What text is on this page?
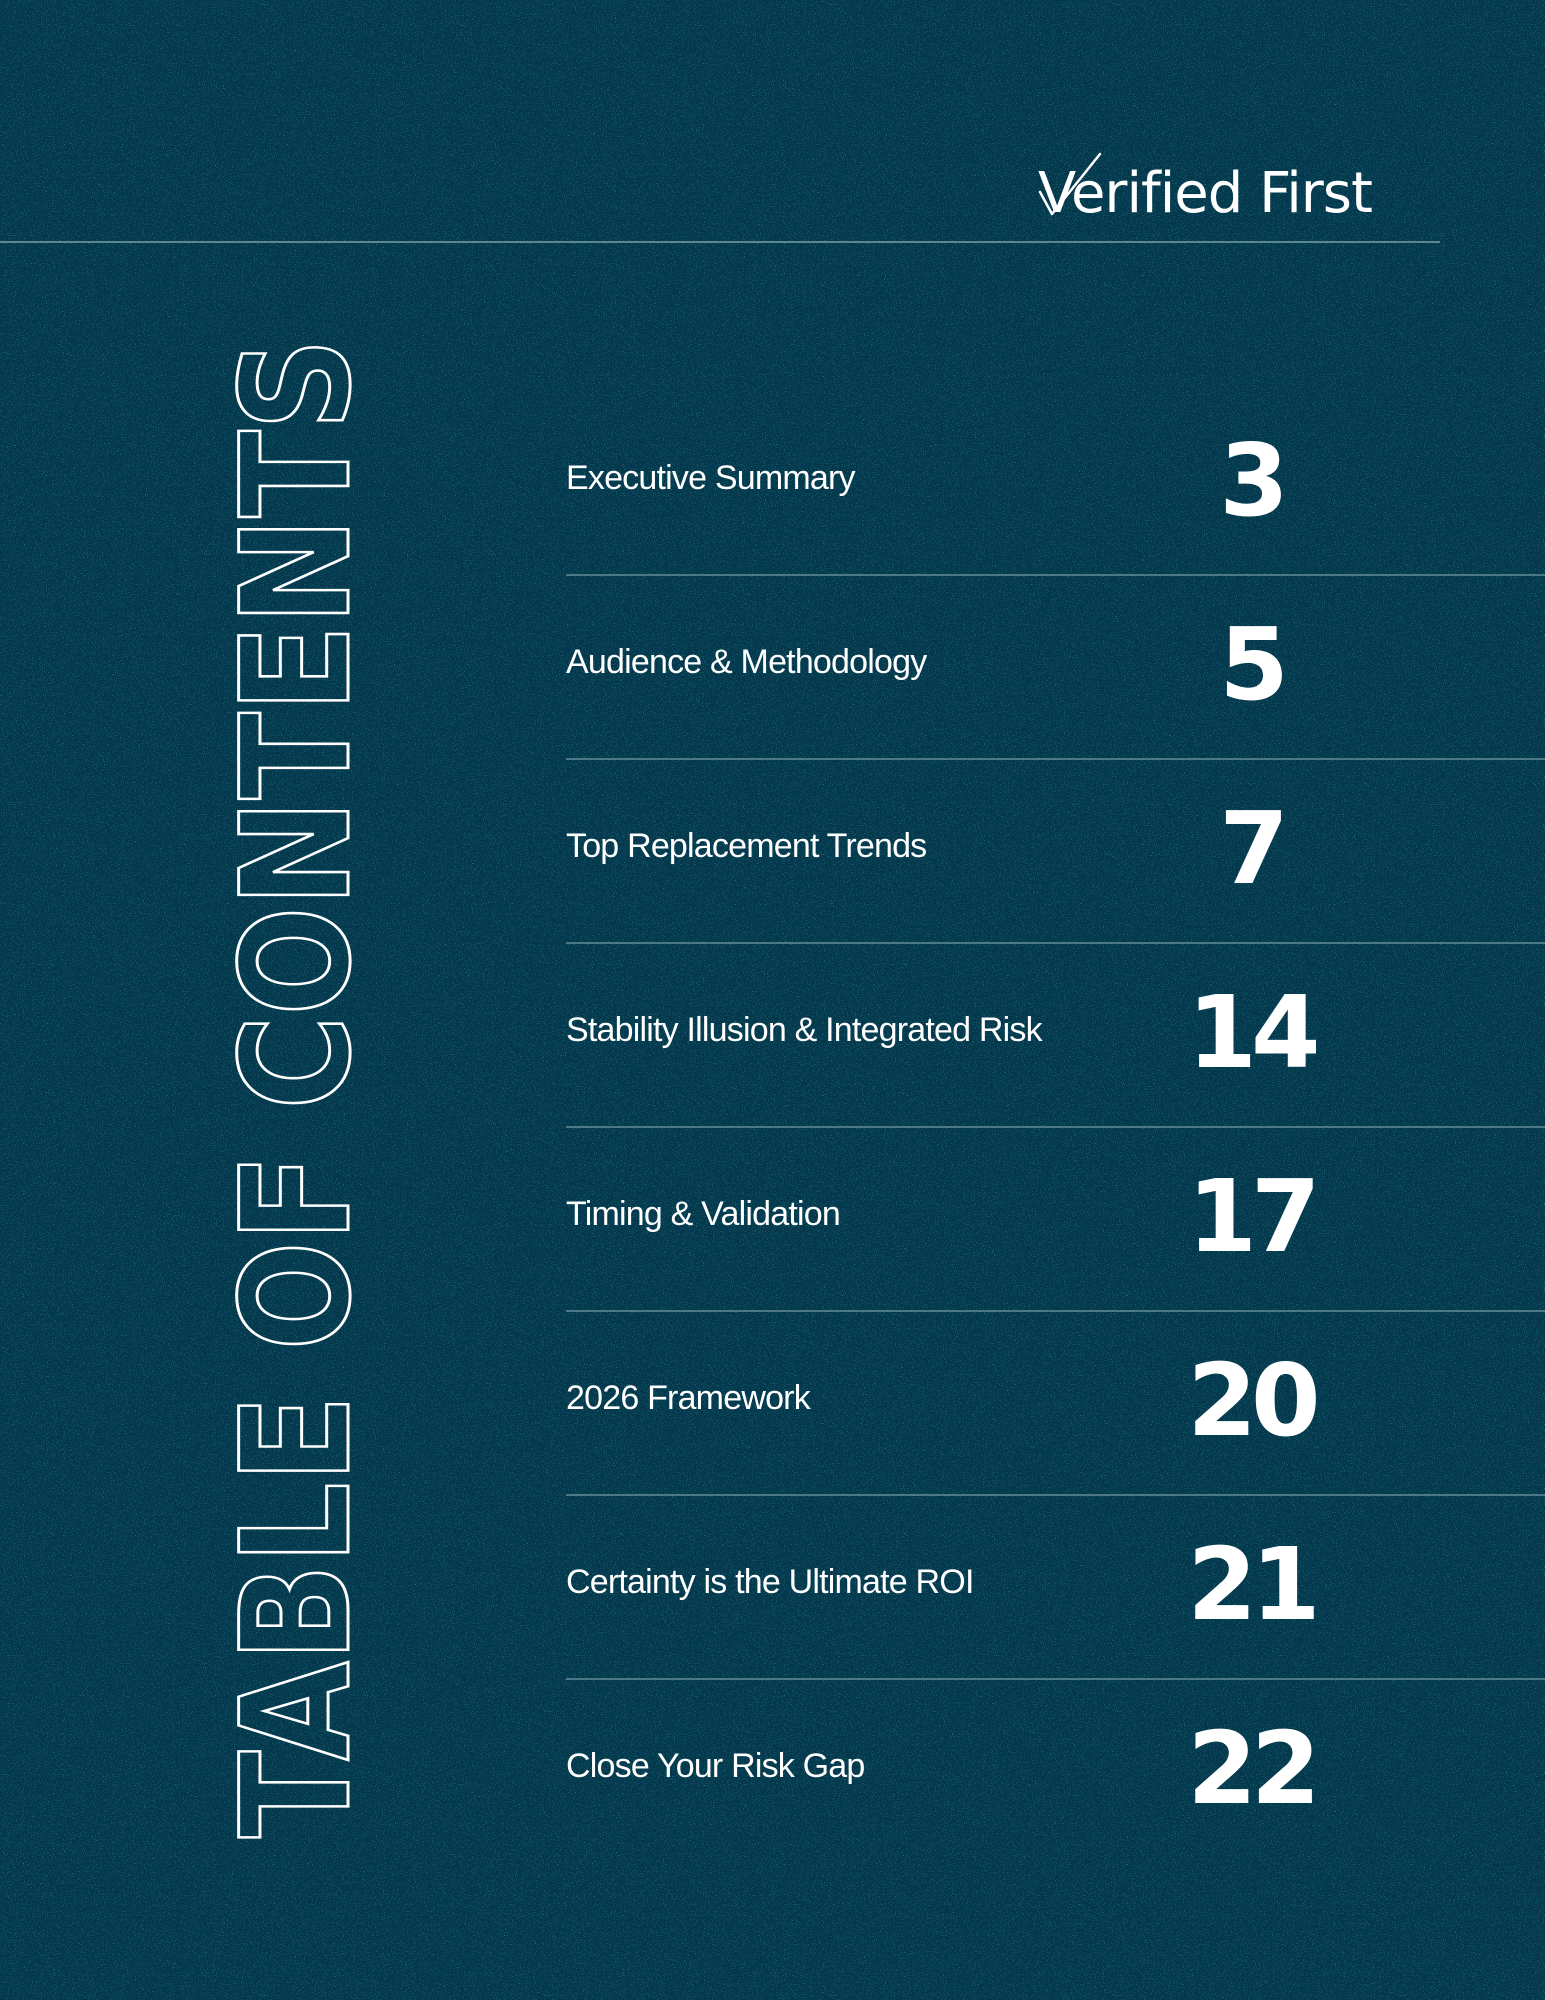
Verified First
TABLE OF CONTENTS	Executive Summary	3
Audience & Methodology	5
Top Replacement Trends	7
Stability Illusion & Integrated Risk 14
Timing & Validation	17
2026 Framework	20
Certainty is the Ultimate ROI 21
Close Your Risk Gap	22
